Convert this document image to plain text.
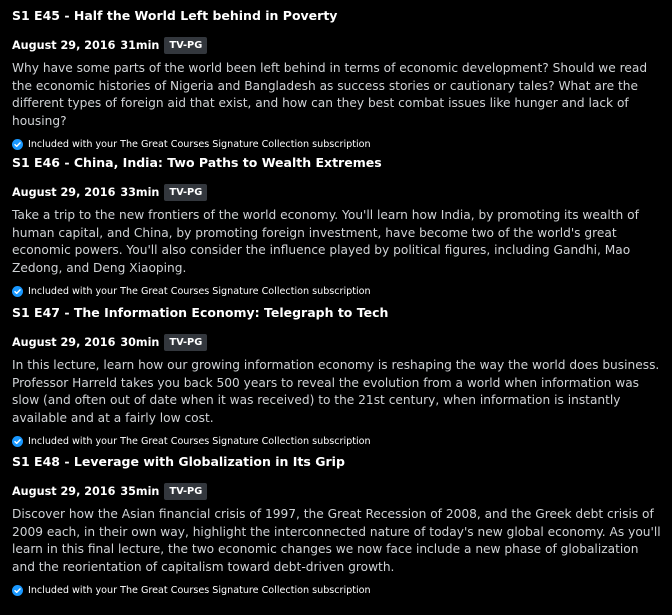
S1 E45 - Half the World Left behind in Poverty
August 29, 2016 31min	TV-PG

Why have some parts of the world been left behind in terms of economic development? Should we read the economic histories of Nigeria and Bangladesh as success stories or cautionary tales? What are the different types of foreign aid that exist, and how can they best combat issues like hunger and lack of housing?

Included with your The Great Courses Signature Collection subscription
S1 E46 - China, India: Two Paths to Wealth Extremes
August 29, 2016 33min	TV-PG

Take a trip to the new frontiers of the world economy. You'll learn how India, by promoting its wealth of human capital, and China, by promoting foreign investment, have become two of the world's great economic powers. You'll also consider the influence played by political figures, including Gandhi, Mao Zedong, and Deng Xiaoping.

Included with your The Great Courses Signature Collection subscription
S1 E47 - The Information Economy: Telegraph to Tech
August 29, 2016 30min	TV-PG

In this lecture, learn how our growing information economy is reshaping the way the world does business. Professor Harreld takes you back 500 years to reveal the evolution from a world when information was slow (and often out of date when it was received) to the 21st century, when information is instantly available and at a fairly low cost.

Included with your The Great Courses Signature Collection subscription
S1 E48 - Leverage with Globalization in Its Grip
August 29, 2016 35min	TV-PG

Discover how the Asian financial crisis of 1997, the Great Recession of 2008, and the Greek debt crisis of 2009 each, in their own way, highlight the interconnected nature of today's new global economy. As you'll learn in this final lecture, the two economic changes we now face include a new phase of globalization and the reorientation of capitalism toward debt-driven growth.

Included with your The Great Courses Signature Collection subscription
